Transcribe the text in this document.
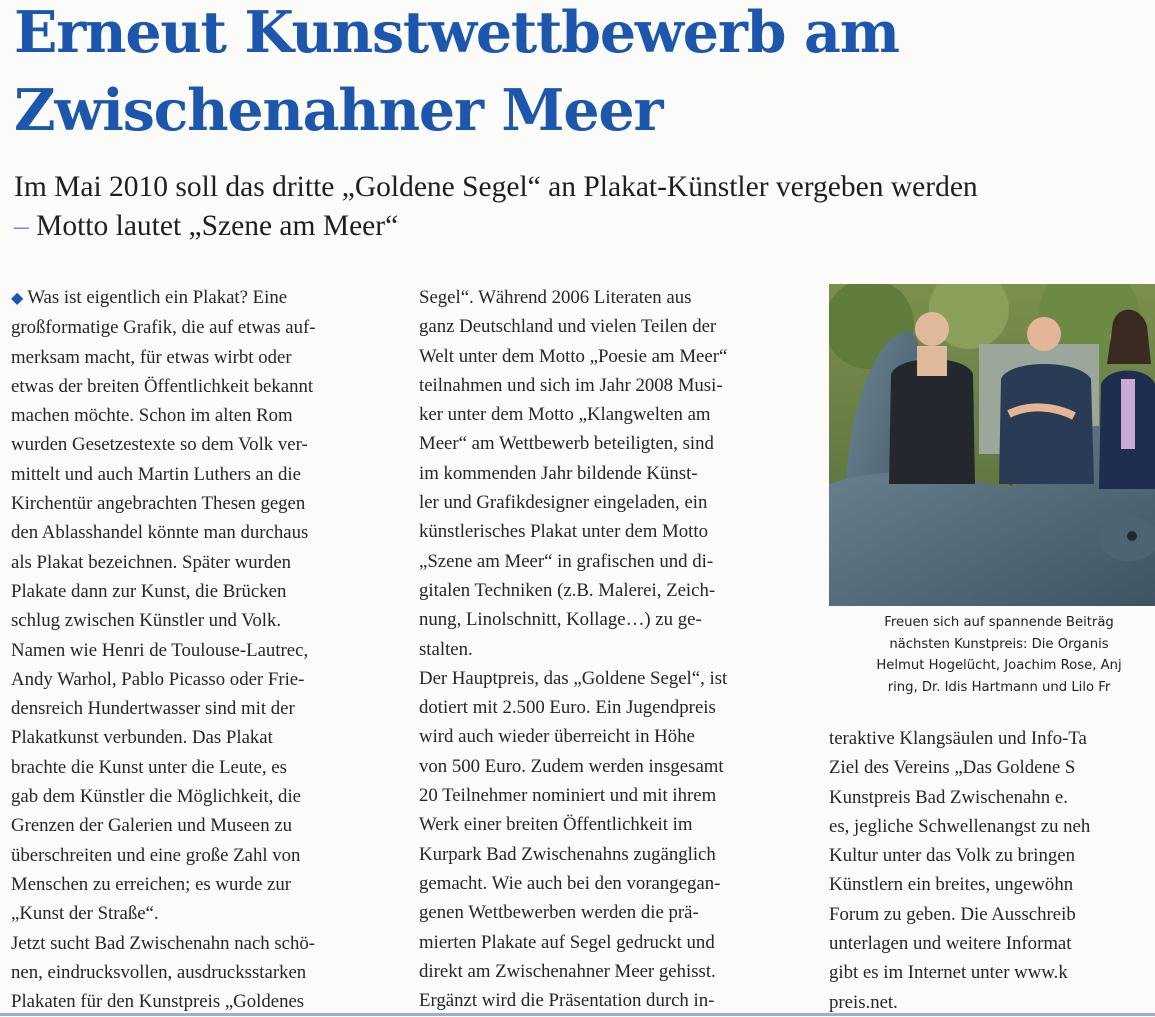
Erneut Kunstwettbewerb am
Zwischenahner Meer
Im Mai 2010 soll das dritte „Goldene Segel“ an Plakat-Künstler vergeben werden
– Motto lautet „Szene am Meer“
◆ Was ist eigentlich ein Plakat? Eine
großformatige Grafik, die auf etwas auf-
merksam macht, für etwas wirbt oder
etwas der breiten Öffentlichkeit bekannt
machen möchte. Schon im alten Rom
wurden Gesetzestexte so dem Volk ver-
mittelt und auch Martin Luthers an die
Kirchentür angebrachten Thesen gegen
den Ablasshandel könnte man durchaus
als Plakat bezeichnen. Später wurden
Plakate dann zur Kunst, die Brücken
schlug zwischen Künstler und Volk.
Namen wie Henri de Toulouse-Lautrec,
Andy Warhol, Pablo Picasso oder Frie-
densreich Hundertwasser sind mit der
Plakatkunst verbunden. Das Plakat
brachte die Kunst unter die Leute, es
gab dem Künstler die Möglichkeit, die
Grenzen der Galerien und Museen zu
überschreiten und eine große Zahl von
Menschen zu erreichen; es wurde zur
„Kunst der Straße“.
Jetzt sucht Bad Zwischenahn nach schö-
nen, eindrucksvollen, ausdrucksstarken
Plakaten für den Kunstpreis „Goldenes
Segel“. Während 2006 Literaten aus
ganz Deutschland und vielen Teilen der
Welt unter dem Motto „Poesie am Meer“
teilnahmen und sich im Jahr 2008 Musi-
ker unter dem Motto „Klangwelten am
Meer“ am Wettbewerb beteiligten, sind
im kommenden Jahr bildende Künst-
ler und Grafikdesigner eingeladen, ein
künstlerisches Plakat unter dem Motto
„Szene am Meer“ in grafischen und di-
gitalen Techniken (z.B. Malerei, Zeich-
nung, Linolschnitt, Kollage…) zu ge-
stalten.
Der Hauptpreis, das „Goldene Segel“, ist
dotiert mit 2.500 Euro. Ein Jugendpreis
wird auch wieder überreicht in Höhe
von 500 Euro. Zudem werden insgesamt
20 Teilnehmer nominiert und mit ihrem
Werk einer breiten Öffentlichkeit im
Kurpark Bad Zwischenahns zugänglich
gemacht. Wie auch bei den vorangegan-
genen Wettbewerben werden die prä-
mierten Plakate auf Segel gedruckt und
direkt am Zwischenahner Meer gehisst.
Ergänzt wird die Präsentation durch in-
Freuen sich auf spannende Beiträg
nächsten Kunstpreis: Die Organis
Helmut Hogelücht, Joachim Rose, Anj
ring, Dr. Idis Hartmann und Lilo Fr
teraktive Klangsäulen und Info-Ta
Ziel des Vereins „Das Goldene S
Kunstpreis Bad Zwischenahn e.
es, jegliche Schwellenangst zu neh
Kultur unter das Volk zu bringen
Künstlern ein breites, ungewöhn
Forum zu geben. Die Ausschreib
unterlagen und weitere Informat
gibt es im Internet unter www.k
preis.net.
